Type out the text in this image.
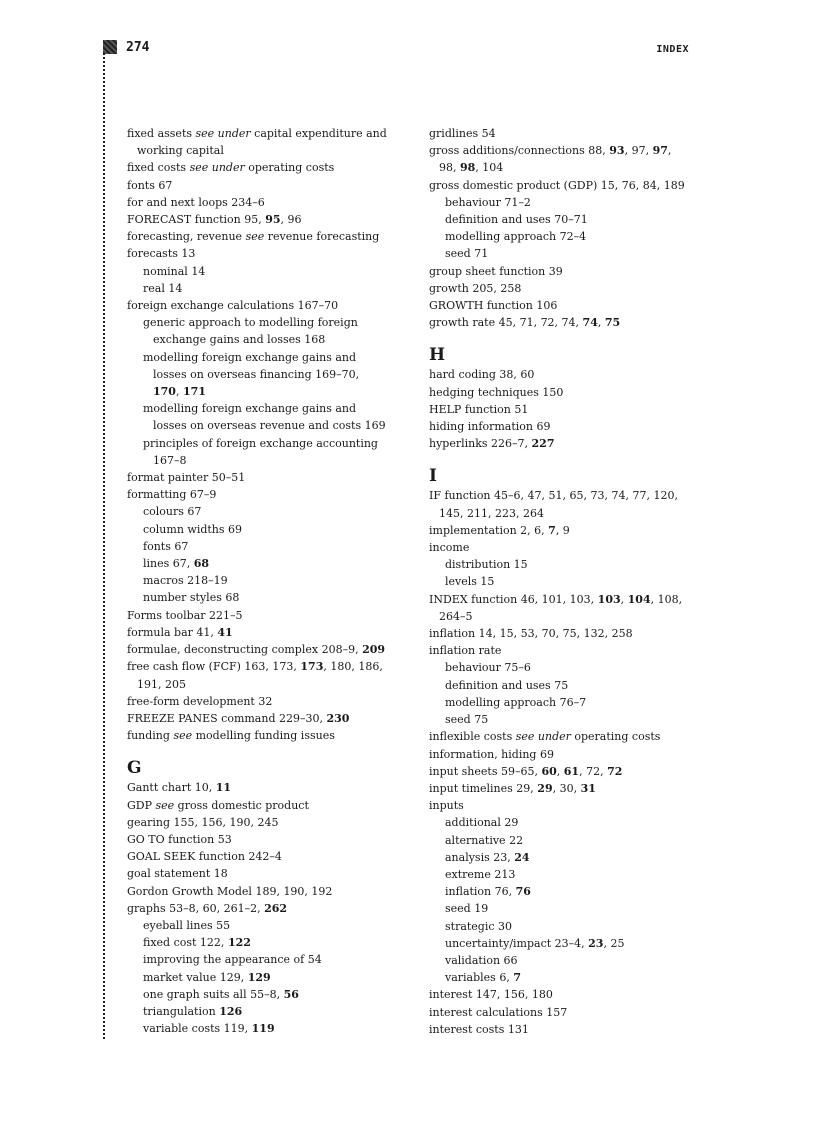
274	INDEX
fixed assets see under capital expenditure and working capital
fixed costs see under operating costs
fonts 67
for and next loops 234–6
FORECAST function 95, 95, 96
forecasting, revenue see revenue forecasting
forecasts 13
nominal 14
real 14
foreign exchange calculations 167–70
generic approach to modelling foreign exchange gains and losses 168
modelling foreign exchange gains and losses on overseas financing 169–70, 170, 171
modelling foreign exchange gains and losses on overseas revenue and costs 169
principles of foreign exchange accounting 167–8
format painter 50–51
formatting 67–9
colours 67
column widths 69
fonts 67
lines 67, 68
macros 218–19
number styles 68
Forms toolbar 221–5
formula bar 41, 41
formulae, deconstructing complex 208–9, 209
free cash flow (FCF) 163, 173, 173, 180, 186, 191, 205
free-form development 32
FREEZE PANES command 229–30, 230
funding see modelling funding issues
G
Gantt chart 10, 11
GDP see gross domestic product
gearing 155, 156, 190, 245
GO TO function 53
GOAL SEEK function 242–4
goal statement 18
Gordon Growth Model 189, 190, 192
graphs 53–8, 60, 261–2, 262
eyeball lines 55
fixed cost 122, 122
improving the appearance of 54
market value 129, 129
one graph suits all 55–8, 56
triangulation 126
variable costs 119, 119
gridlines 54
gross additions/connections 88, 93, 97, 97, 98, 98, 104
gross domestic product (GDP) 15, 76, 84, 189
behaviour 71–2
definition and uses 70–71
modelling approach 72–4
seed 71
group sheet function 39
growth 205, 258
GROWTH function 106
growth rate 45, 71, 72, 74, 74, 75
H
hard coding 38, 60
hedging techniques 150
HELP function 51
hiding information 69
hyperlinks 226–7, 227
I
IF function 45–6, 47, 51, 65, 73, 74, 77, 120, 145, 211, 223, 264
implementation 2, 6, 7, 9
income
distribution 15
levels 15
INDEX function 46, 101, 103, 103, 104, 108, 264–5
inflation 14, 15, 53, 70, 75, 132, 258
inflation rate
behaviour 75–6
definition and uses 75
modelling approach 76–7
seed 75
inflexible costs see under operating costs
information, hiding 69
input sheets 59–65, 60, 61, 72, 72
input timelines 29, 29, 30, 31
inputs
additional 29
alternative 22
analysis 23, 24
extreme 213
inflation 76, 76
seed 19
strategic 30
uncertainty/impact 23–4, 23, 25
validation 66
variables 6, 7
interest 147, 156, 180
interest calculations 157
interest costs 131
